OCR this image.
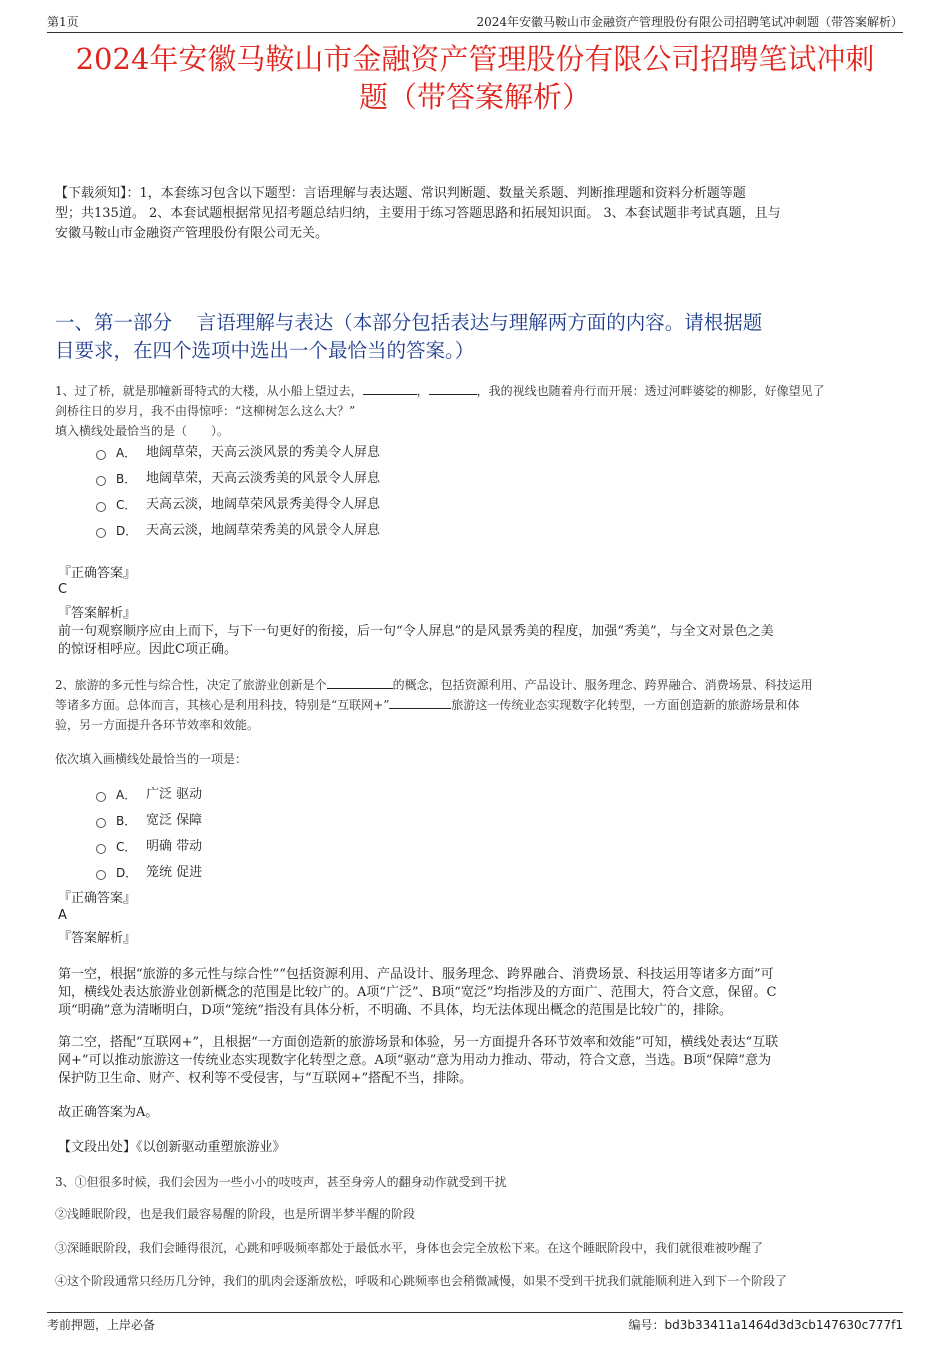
第1页	2024年安徽马鞍山市金融资产管理股份有限公司招聘笔试冲刺题（带答案解析）
2024年安徽马鞍山市金融资产管理股份有限公司招聘笔试冲刺
题（带答案解析）
【下载须知】：1，本套练习包含以下题型：言语理解与表达题、常识判断题、数量关系题、判断推理题和资料分析题等题
型；共135道。 2、本套试题根据常见招考题总结归纳，主要用于练习答题思路和拓展知识面。 3、本套试题非考试真题，且与
安徽马鞍山市金融资产管理股份有限公司无关。
一、第一部分    言语理解与表达（本部分包括表达与理解两方面的内容。请根据题
目要求，在四个选项中选出一个最恰当的答案。）
1、过了桥，就是那幢新哥特式的大楼，从小船上望过去，	，	，我的视线也随着舟行而开展：透过河畔婆娑的柳影，好像望见了
剑桥往日的岁月，我不由得惊呼：“这柳树怎么这么大？”
填入横线处最恰当的是（　　）。
A． 地阔草荣，天高云淡风景的秀美令人屏息
B． 地阔草荣，天高云淡秀美的风景令人屏息
C． 天高云淡，地阔草荣风景秀美得令人屏息
D． 天高云淡，地阔草荣秀美的风景令人屏息
『正确答案』
C
『答案解析』
前一句观察顺序应由上而下，与下一句更好的衔接，后一句“令人屏息”的是风景秀美的程度，加强“秀美”，与全文对景色之美
的惊讶相呼应。因此C项正确。
2、旅游的多元性与综合性，决定了旅游业创新是个	的概念，包括资源利用、产品设计、服务理念、跨界融合、消费场景、科技运用
等诸多方面。总体而言，其核心是利用科技，特别是“互联网+”	旅游这一传统业态实现数字化转型，一方面创造新的旅游场景和体
验，另一方面提升各环节效率和效能。
依次填入画横线处最恰当的一项是：
A． 广泛 驱动
B． 宽泛 保障
C． 明确 带动
D． 笼统 促进
『正确答案』
A
『答案解析』
第一空，根据“旅游的多元性与综合性”“包括资源利用、产品设计、服务理念、跨界融合、消费场景、科技运用等诸多方面”可
知，横线处表达旅游业创新概念的范围是比较广的。A项“广泛”、B项“宽泛”均指涉及的方面广、范围大，符合文意，保留。C
项“明确”意为清晰明白，D项“笼统”指没有具体分析，不明确、不具体，均无法体现出概念的范围是比较广的，排除。
第二空，搭配“互联网+”，且根据“一方面创造新的旅游场景和体验，另一方面提升各环节效率和效能”可知，横线处表达“互联
网+”可以推动旅游这一传统业态实现数字化转型之意。A项“驱动”意为用动力推动、带动，符合文意，当选。B项“保障”意为
保护防卫生命、财产、权利等不受侵害，与“互联网+”搭配不当，排除。
故正确答案为A。
【文段出处】《以创新驱动重塑旅游业》
3、①但很多时候，我们会因为一些小小的吱吱声，甚至身旁人的翻身动作就受到干扰
②浅睡眠阶段，也是我们最容易醒的阶段，也是所谓半梦半醒的阶段
③深睡眠阶段，我们会睡得很沉，心跳和呼吸频率都处于最低水平，身体也会完全放松下来。在这个睡眠阶段中，我们就很难被吵醒了
④这个阶段通常只经历几分钟，我们的肌肉会逐渐放松，呼吸和心跳频率也会稍微减慢，如果不受到干扰我们就能顺利进入到下一个阶段了
考前押题，上岸必备	编号：bd3b33411a1464d3d3cb147630c777f1
